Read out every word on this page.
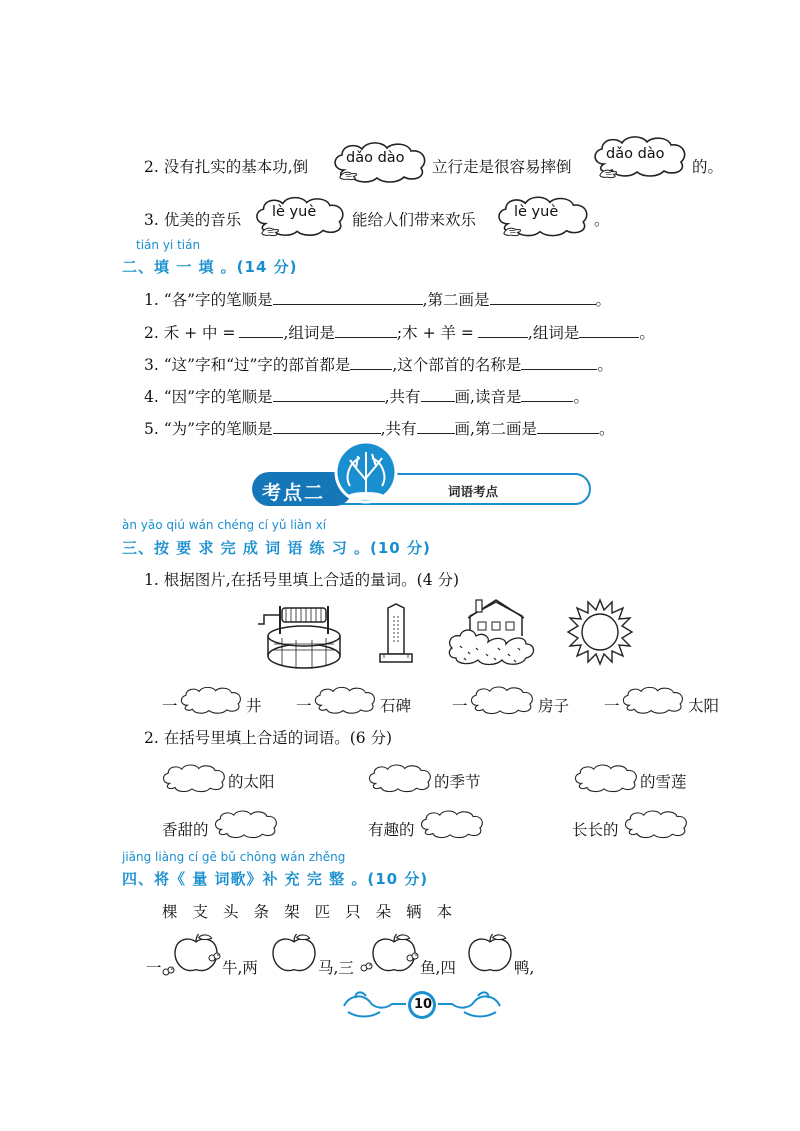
2. 没有扎实的基本功,倒	dǎo dào 立行走是很容易摔倒
dǎo dào
的。
3. 优美的音乐 lè yuè 能给人们带来欢乐	lè yuè 。
tián yi tián
二、填 一 填 。(14 分)
1. “各”字的笔顺是	,第二画是	。
2. 禾 + 中 =	,组词是	;木 + 羊 =	,组词是	。
3. “这”字和“过”字的部首都是	,这个部首的名称是	。
4. “因”字的笔顺是	,共有 画,读音是	。
5. “为”字的笔顺是	,共有 画,第二画是	。
考点二	词语考点
àn yāo qiú wán chéng cí yǔ liàn xí
三、按 要 求 完 成 词 语 练 习 。(10 分)
1. 根据图片,在括号里填上合适的量词。(4 分)
一	井 一	石碑	一	房子 一	太阳
2. 在括号里填上合适的词语。(6 分)
的太阳	的季节	的雪莲
香甜的	有趣的	长长的
jiāng liàng cí gē bǔ chōng wán zhěng
四、将《 量 词歌》补 充 完 整 。(10 分)
棵 支 头 条 架 匹 只 朵 辆 本
一	牛,两	马,三	鱼,四	鸭,
10
